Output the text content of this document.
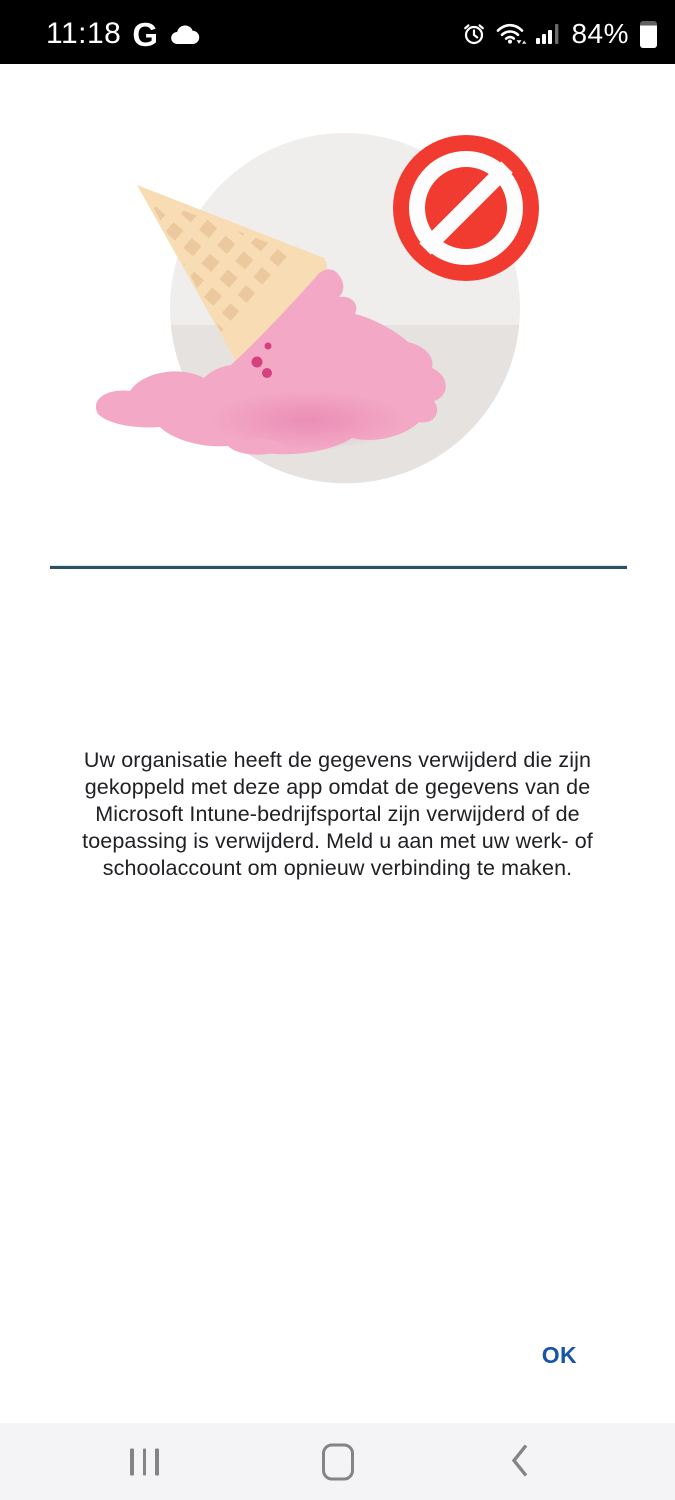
11:18 G	84%

Uw organisatie heeft de gegevens verwijderd die zijn gekoppeld met deze app omdat de gegevens van de Microsoft Intune-bedrijfsportal zijn verwijderd of de toepassing is verwijderd. Meld u aan met uw werk- of schoolaccount om opnieuw verbinding te maken.

OK
